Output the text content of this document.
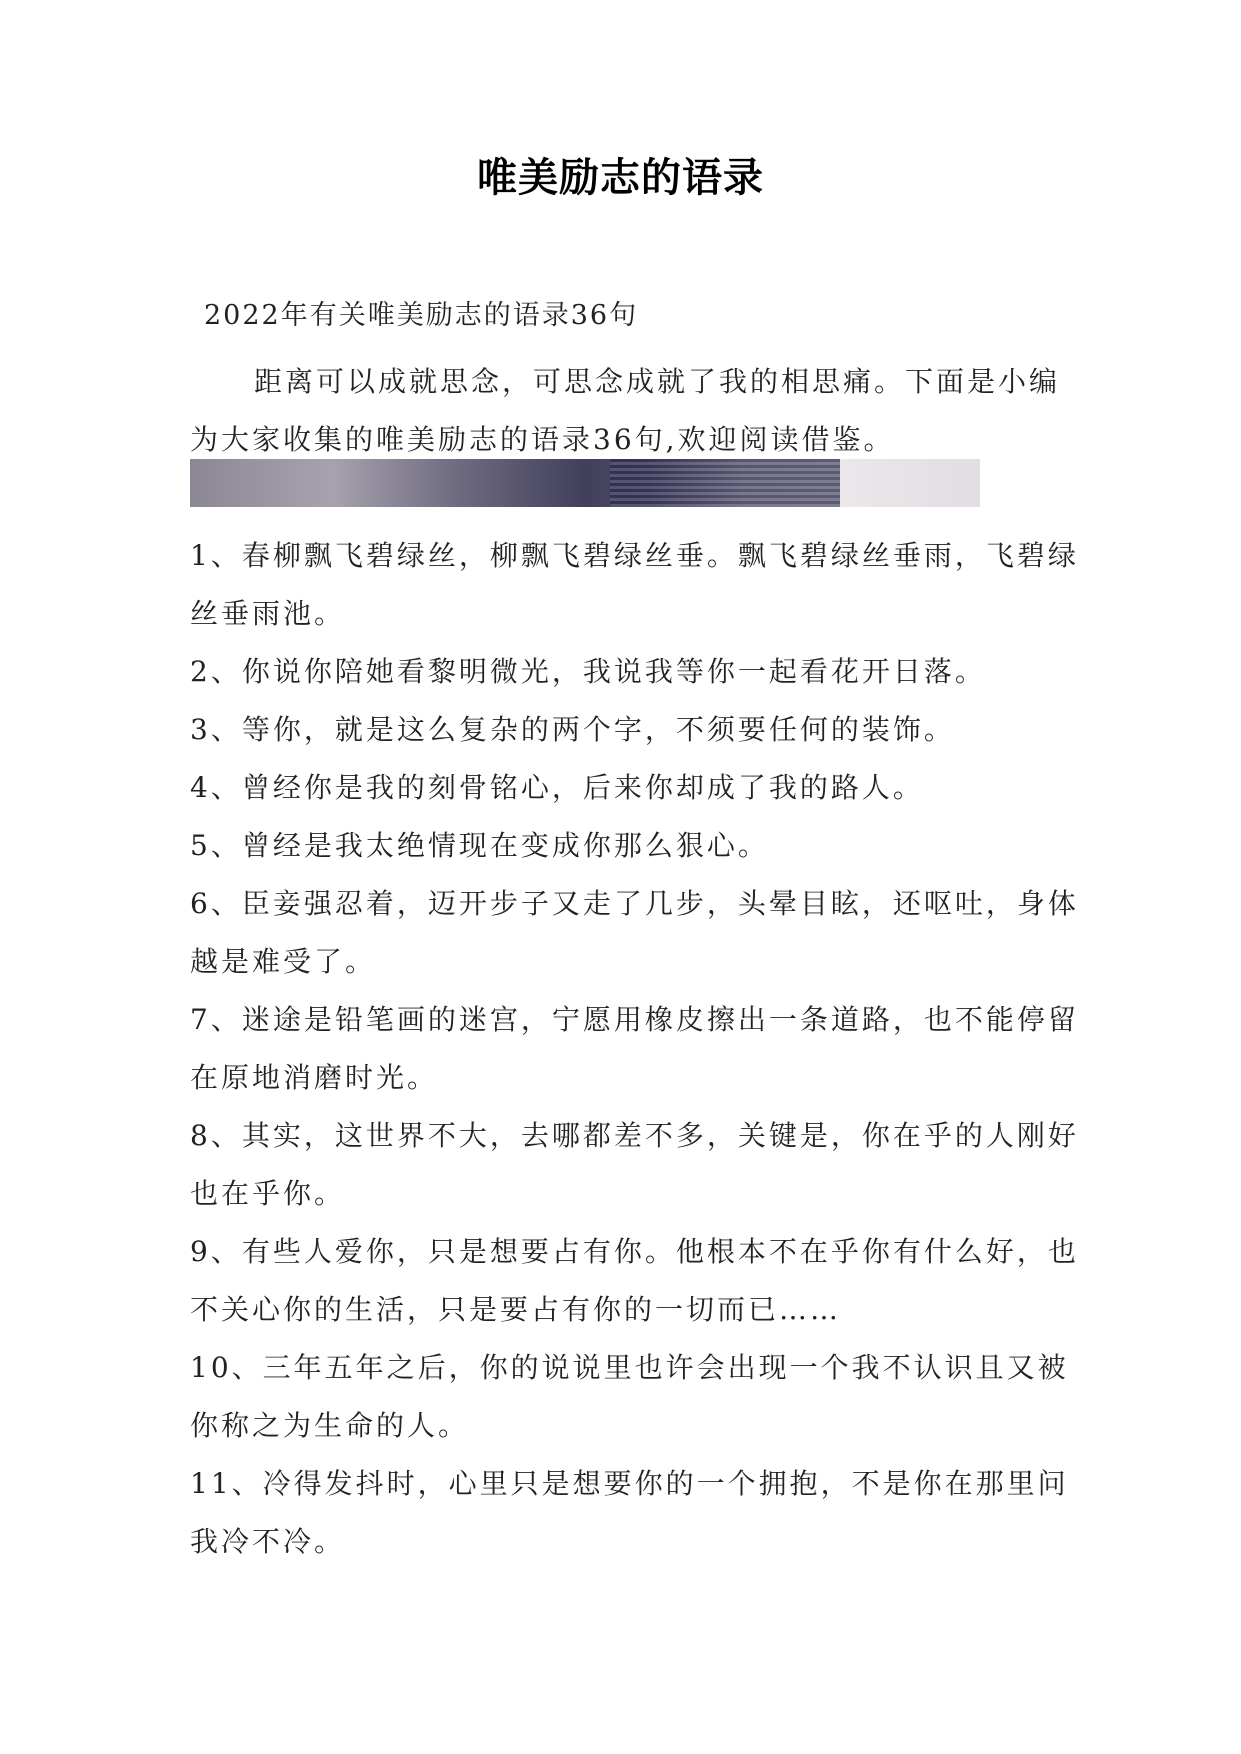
唯美励志的语录
2022年有关唯美励志的语录36句

距离可以成就思念，可思念成就了我的相思痛。下面是小编为大家收集的唯美励志的语录36句,欢迎阅读借鉴。

1、春柳飘飞碧绿丝，柳飘飞碧绿丝垂。飘飞碧绿丝垂雨，飞碧绿丝垂雨池。
2、你说你陪她看黎明微光，我说我等你一起看花开日落。
3、等你，就是这么复杂的两个字，不须要任何的装饰。
4、曾经你是我的刻骨铭心，后来你却成了我的路人。
5、曾经是我太绝情现在变成你那么狠心。
6、臣妾强忍着，迈开步子又走了几步，头晕目眩，还呕吐，身体越是难受了。
7、迷途是铅笔画的迷宫，宁愿用橡皮擦出一条道路，也不能停留在原地消磨时光。
8、其实，这世界不大，去哪都差不多，关键是，你在乎的人刚好也在乎你。
9、有些人爱你，只是想要占有你。他根本不在乎你有什么好，也不关心你的生活，只是要占有你的一切而已……
10、三年五年之后，你的说说里也许会出现一个我不认识且又被你称之为生命的人。
11、冷得发抖时，心里只是想要你的一个拥抱，不是你在那里问我冷不冷。
